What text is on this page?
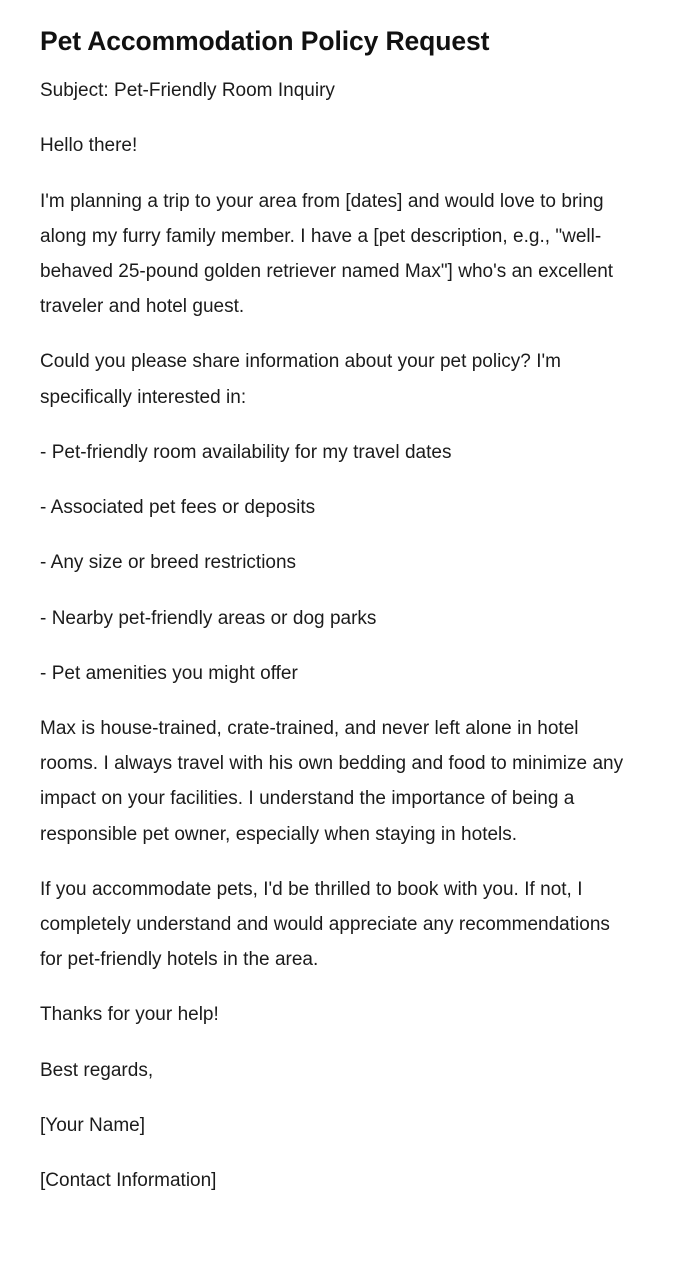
Pet Accommodation Policy Request

Subject: Pet-Friendly Room Inquiry

Hello there!

I'm planning a trip to your area from [dates] and would love to bring along my furry family member. I have a [pet description, e.g., "well-behaved 25-pound golden retriever named Max"] who's an excellent traveler and hotel guest.

Could you please share information about your pet policy? I'm specifically interested in:

- Pet-friendly room availability for my travel dates

- Associated pet fees or deposits

- Any size or breed restrictions

- Nearby pet-friendly areas or dog parks

- Pet amenities you might offer

Max is house-trained, crate-trained, and never left alone in hotel rooms. I always travel with his own bedding and food to minimize any impact on your facilities. I understand the importance of being a responsible pet owner, especially when staying in hotels.

If you accommodate pets, I'd be thrilled to book with you. If not, I completely understand and would appreciate any recommendations for pet-friendly hotels in the area.

Thanks for your help!

Best regards,

[Your Name]

[Contact Information]
